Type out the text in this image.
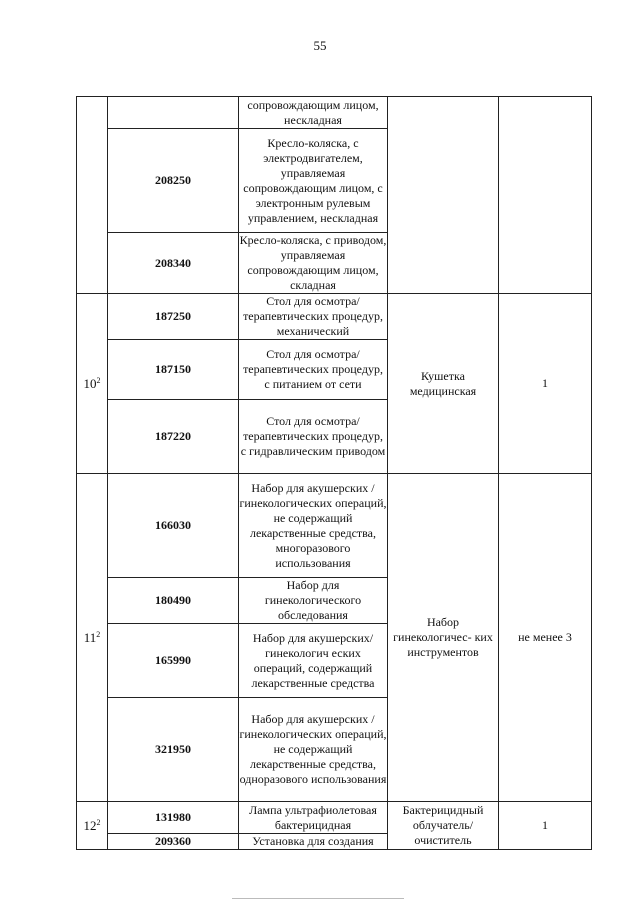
55
		сопровождающим лицом, нескладная		
	208250	Кресло-коляска, с электродвигателем, управляемая сопровождающим лицом, с электронным рулевым управлением, нескладная		
	208340	Кресло-коляска, с приводом, управляемая сопровождающим лицом, складная		
$10^2$	187250	Стол для осмотра/терапевтических процедур, механический	Кушетка медицинская	1
	187150	Стол для осмотра/терапевтических процедур, с питанием от сети		
	187220	Стол для осмотра/терапевтических процедур, с гидравлическим приводом		
$11^2$	166030	Набор для акушерских /гинекологических операций, не содержащий лекарственные средства, многоразового использования	Набор гинекологичес- ких инструментов	не менее 3
	180490	Набор для гинекологического обследования		
	165990	Набор для акушерских/гинекологич еских операций, содержащий лекарственные средства		
	321950	Набор для акушерских /гинекологических операций, не содержащий лекарственные средства, одноразового использования		
$12^2$	131980	Лампа ультрафиолетовая бактерицидная	Бактерицидный облучатель/ очиститель	1
	209360	Установка для создания		
